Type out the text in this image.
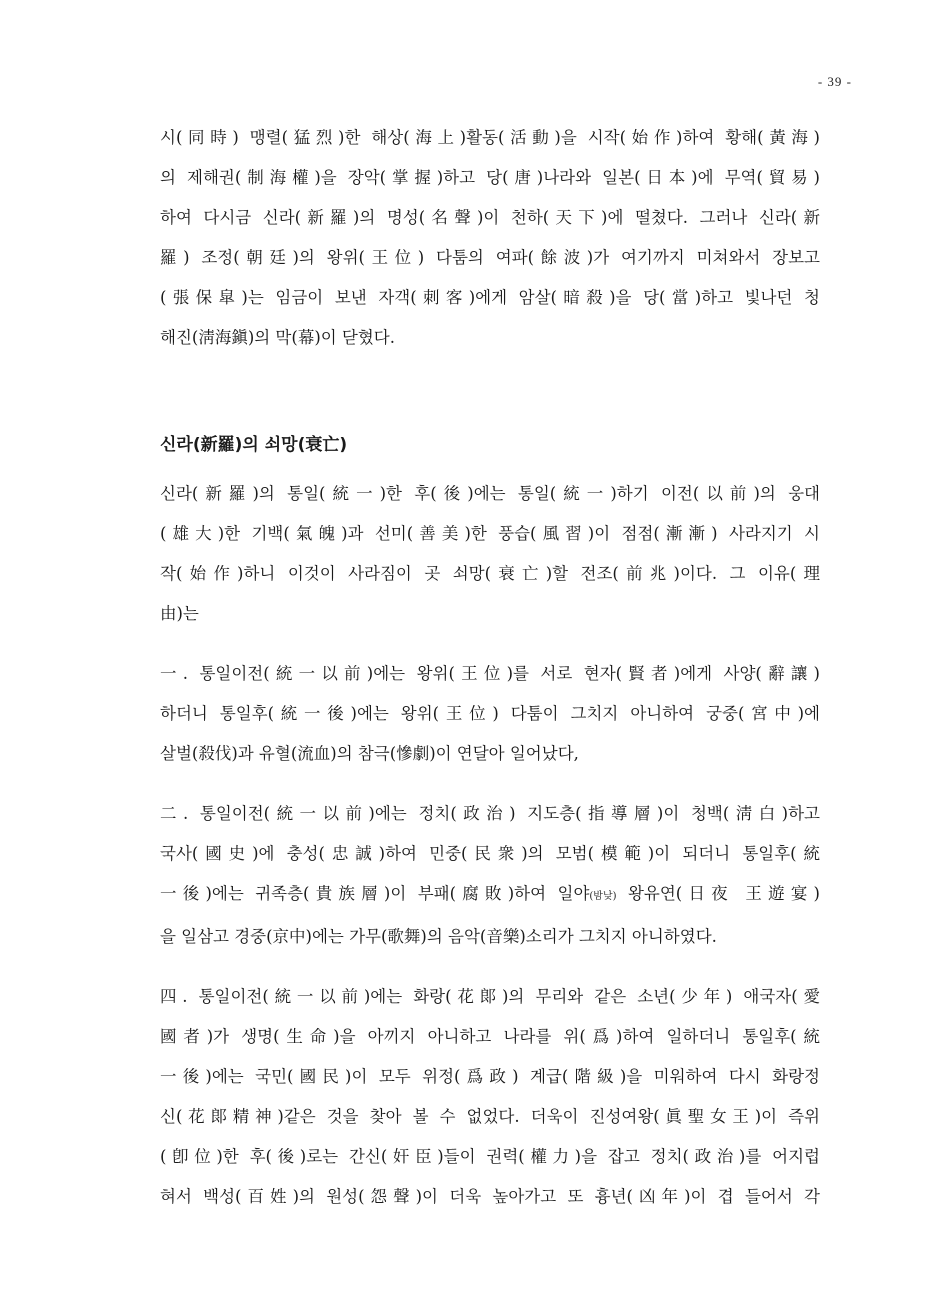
- 39 -

시(同時) 맹렬(猛烈)한 해상(海上)활동(活動)을 시작(始作)하여 황해(黃海)

의 제해권(制海權)을 장악(掌握)하고 당(唐)나라와 일본(日本)에 무역(貿易)

하여 다시금 신라(新羅)의 명성(名聲)이 천하(天下)에 떨쳤다. 그러나 신라(新

羅) 조정(朝廷)의 왕위(王位) 다툼의 여파(餘波)가 여기까지 미쳐와서 장보고

(張保皐)는 임금이 보낸 자객(刺客)에게 암살(暗殺)을 당(當)하고 빛나던 청

해진(淸海鎭)의 막(幕)이 닫혔다.

신라(新羅)의 쇠망(衰亡)

신라(新羅)의 통일(統一)한 후(後)에는 통일(統一)하기 이전(以前)의 웅대

(雄大)한 기백(氣魄)과 선미(善美)한 풍습(風習)이 점점(漸漸) 사라지기 시

작(始作)하니 이것이 사라짐이 곳 쇠망(衰亡)할 전조(前兆)이다. 그 이유(理

由)는

一. 통일이전(統一以前)에는 왕위(王位)를 서로 현자(賢者)에게 사양(辭讓)

하더니 통일후(統一後)에는 왕위(王位) 다툼이 그치지 아니하여 궁중(宮中)에

살벌(殺伐)과 유혈(流血)의 참극(慘劇)이 연달아 일어났다,

二. 통일이전(統一以前)에는 정치(政治) 지도층(指導層)이 청백(淸白)하고

국사(國史)에 충성(忠誠)하여 민중(民衆)의 모범(模範)이 되더니 통일후(統

一後)에는 귀족층(貴族層)이 부패(腐敗)하여 일야(밤낮) 왕유연(日夜 王遊宴)

을 일삼고 경중(京中)에는 가무(歌舞)의 음악(音樂)소리가 그치지 아니하였다.

四. 통일이전(統一以前)에는 화랑(花郞)의 무리와 같은 소년(少年) 애국자(愛

國者)가 생명(生命)을 아끼지 아니하고 나라를 위(爲)하여 일하더니 통일후(統

一後)에는 국민(國民)이 모두 위정(爲政) 계급(階級)을 미워하여 다시 화랑정

신(花郞精神)같은 것을 찾아 볼 수 없었다. 더욱이 진성여왕(眞聖女王)이 즉위

(卽位)한 후(後)로는 간신(奸臣)들이 권력(權力)을 잡고 정치(政治)를 어지럽

혀서 백성(百姓)의 원성(怨聲)이 더욱 높아가고 또 흉년(凶年)이 겹 들어서 각
